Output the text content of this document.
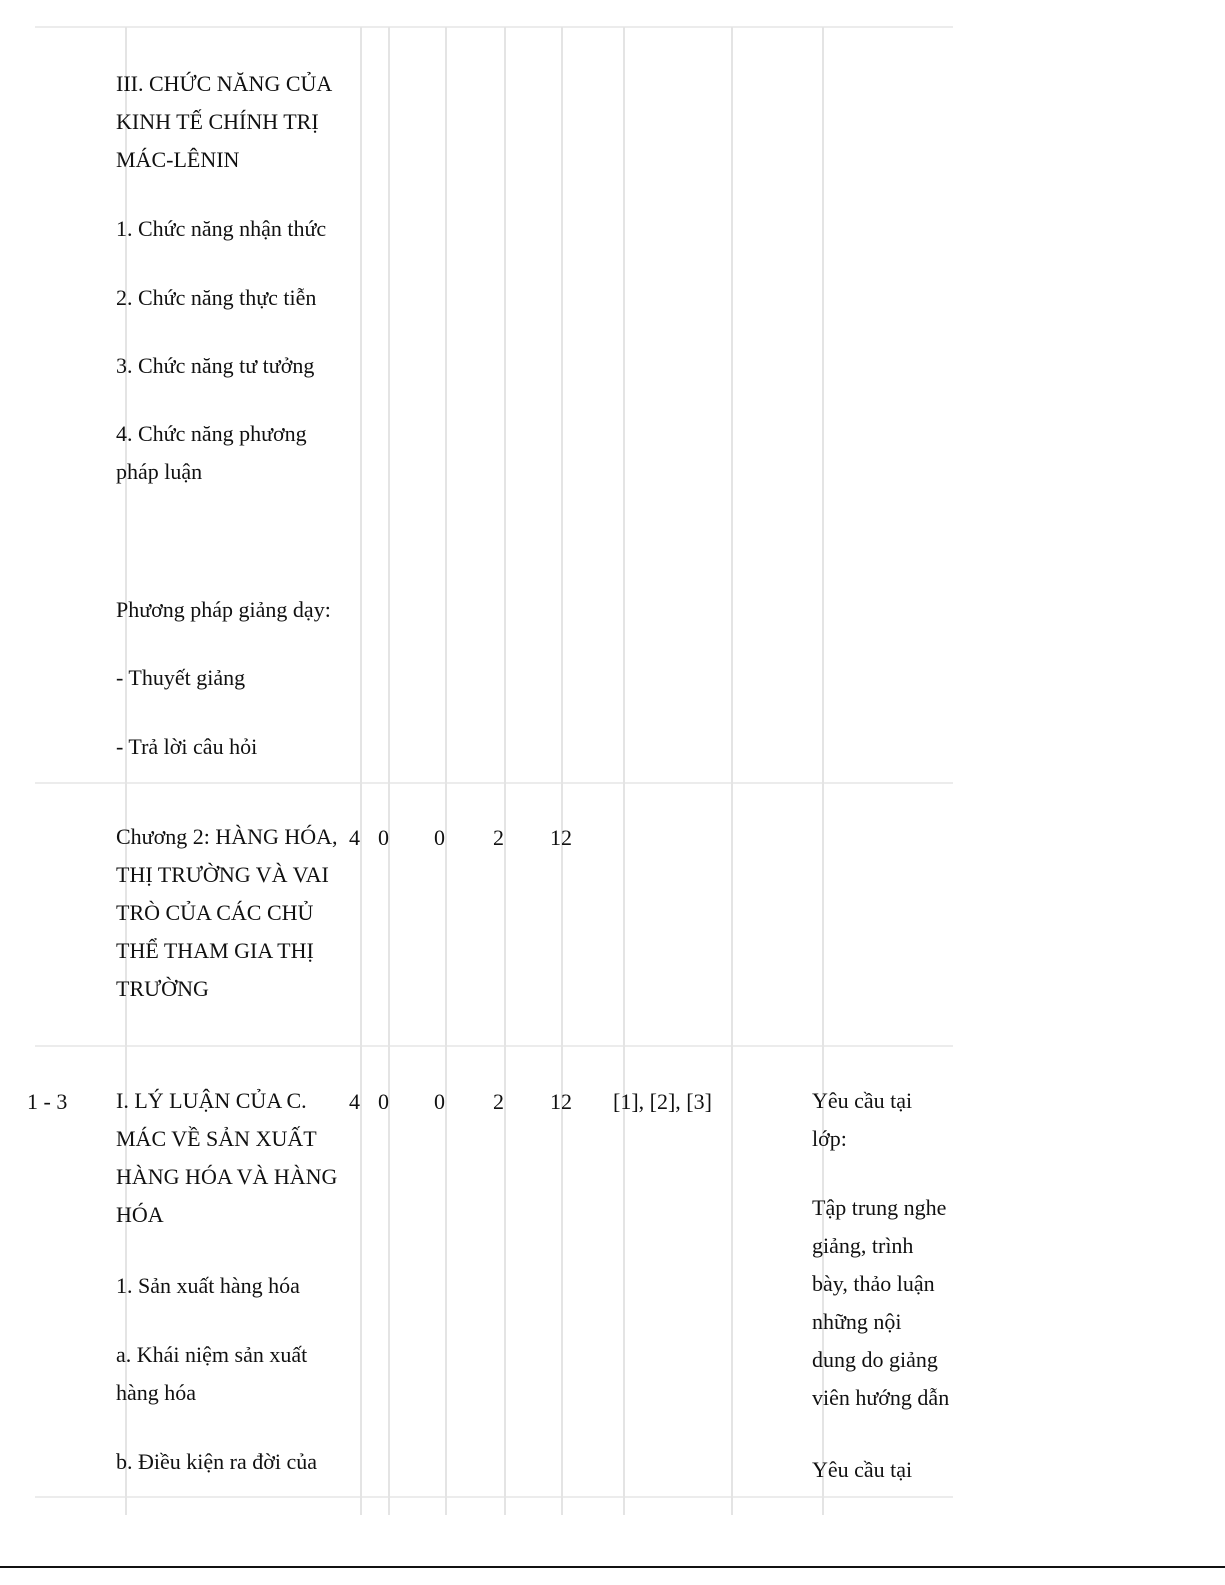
III. CHỨC NĂNG CỦA
KINH TẾ CHÍNH TRỊ
MÁC-LÊNIN
1. Chức năng nhận thức
2. Chức năng thực tiễn
3. Chức năng tư tưởng
4. Chức năng phương
pháp luận
Phương pháp giảng dạy:
- Thuyết giảng
- Trả lời câu hỏi
Chương 2: HÀNG HÓA,
THỊ TRƯỜNG VÀ VAI
TRÒ CỦA CÁC CHỦ
THỂ THAM GIA THỊ
TRƯỜNG
4 0 0 2 12
1 - 3 I. LÝ LUẬN CỦA C.
MÁC VỀ SẢN XUẤT
HÀNG HÓA VÀ HÀNG
HÓA
1. Sản xuất hàng hóa
a. Khái niệm sản xuất
hàng hóa
b. Điều kiện ra đời của
4 0 0 2 12 [1], [2], [3]	Yêu cầu tại
lớp:
Tập trung nghe
giảng, trình
bày, thảo luận
những nội
dung do giảng
viên hướng dẫn
Yêu cầu tại
